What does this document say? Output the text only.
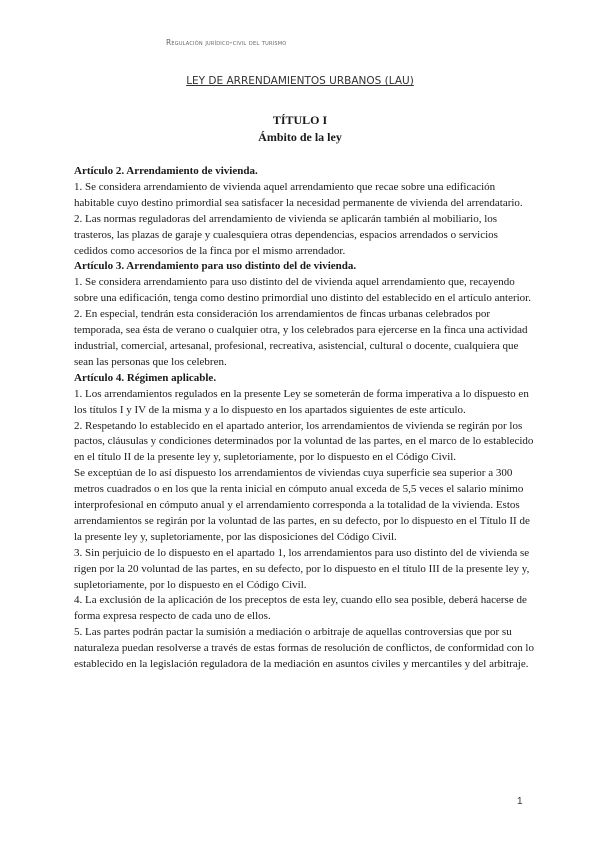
Regulación jurídico-civil del turismo
LEY DE ARRENDAMIENTOS URBANOS (LAU)
TÍTULO I
Ámbito de la ley
Artículo 2. Arrendamiento de vivienda.

1. Se considera arrendamiento de vivienda aquel arrendamiento que recae sobre una edificación habitable cuyo destino primordial sea satisfacer la necesidad permanente de vivienda del arrendatario.

2. Las normas reguladoras del arrendamiento de vivienda se aplicarán también al mobiliario, los trasteros, las plazas de garaje y cualesquiera otras dependencias, espacios arrendados o servicios cedidos como accesorios de la finca por el mismo arrendador.

Artículo 3. Arrendamiento para uso distinto del de vivienda.

1. Se considera arrendamiento para uso distinto del de vivienda aquel arrendamiento que, recayendo sobre una edificación, tenga como destino primordial uno distinto del establecido en el artículo anterior.

2. En especial, tendrán esta consideración los arrendamientos de fincas urbanas celebrados por temporada, sea ésta de verano o cualquier otra, y los celebrados para ejercerse en la finca una actividad industrial, comercial, artesanal, profesional, recreativa, asistencial, cultural o docente, cualquiera que sean las personas que los celebren.

Artículo 4. Régimen aplicable.

1. Los arrendamientos regulados en la presente Ley se someterán de forma imperativa a lo dispuesto en los títulos I y IV de la misma y a lo dispuesto en los apartados siguientes de este artículo.

2. Respetando lo establecido en el apartado anterior, los arrendamientos de vivienda se regirán por los pactos, cláusulas y condiciones determinados por la voluntad de las partes, en el marco de lo establecido en el título II de la presente ley y, supletoriamente, por lo dispuesto en el Código Civil.

Se exceptúan de lo así dispuesto los arrendamientos de viviendas cuya superficie sea superior a 300 metros cuadrados o en los que la renta inicial en cómputo anual exceda de 5,5 veces el salario mínimo interprofesional en cómputo anual y el arrendamiento corresponda a la totalidad de la vivienda. Estos arrendamientos se regirán por la voluntad de las partes, en su defecto, por lo dispuesto en el Título II de la presente ley y, supletoriamente, por las disposiciones del Código Civil.

3. Sin perjuicio de lo dispuesto en el apartado 1, los arrendamientos para uso distinto del de vivienda se rigen por la 20 voluntad de las partes, en su defecto, por lo dispuesto en el título III de la presente ley y, supletoriamente, por lo dispuesto en el Código Civil.

4. La exclusión de la aplicación de los preceptos de esta ley, cuando ello sea posible, deberá hacerse de forma expresa respecto de cada uno de ellos.

5. Las partes podrán pactar la sumisión a mediación o arbitraje de aquellas controversias que por su naturaleza puedan resolverse a través de estas formas de resolución de conflictos, de conformidad con lo establecido en la legislación reguladora de la mediación en asuntos civiles y mercantiles y del arbitraje.

1
